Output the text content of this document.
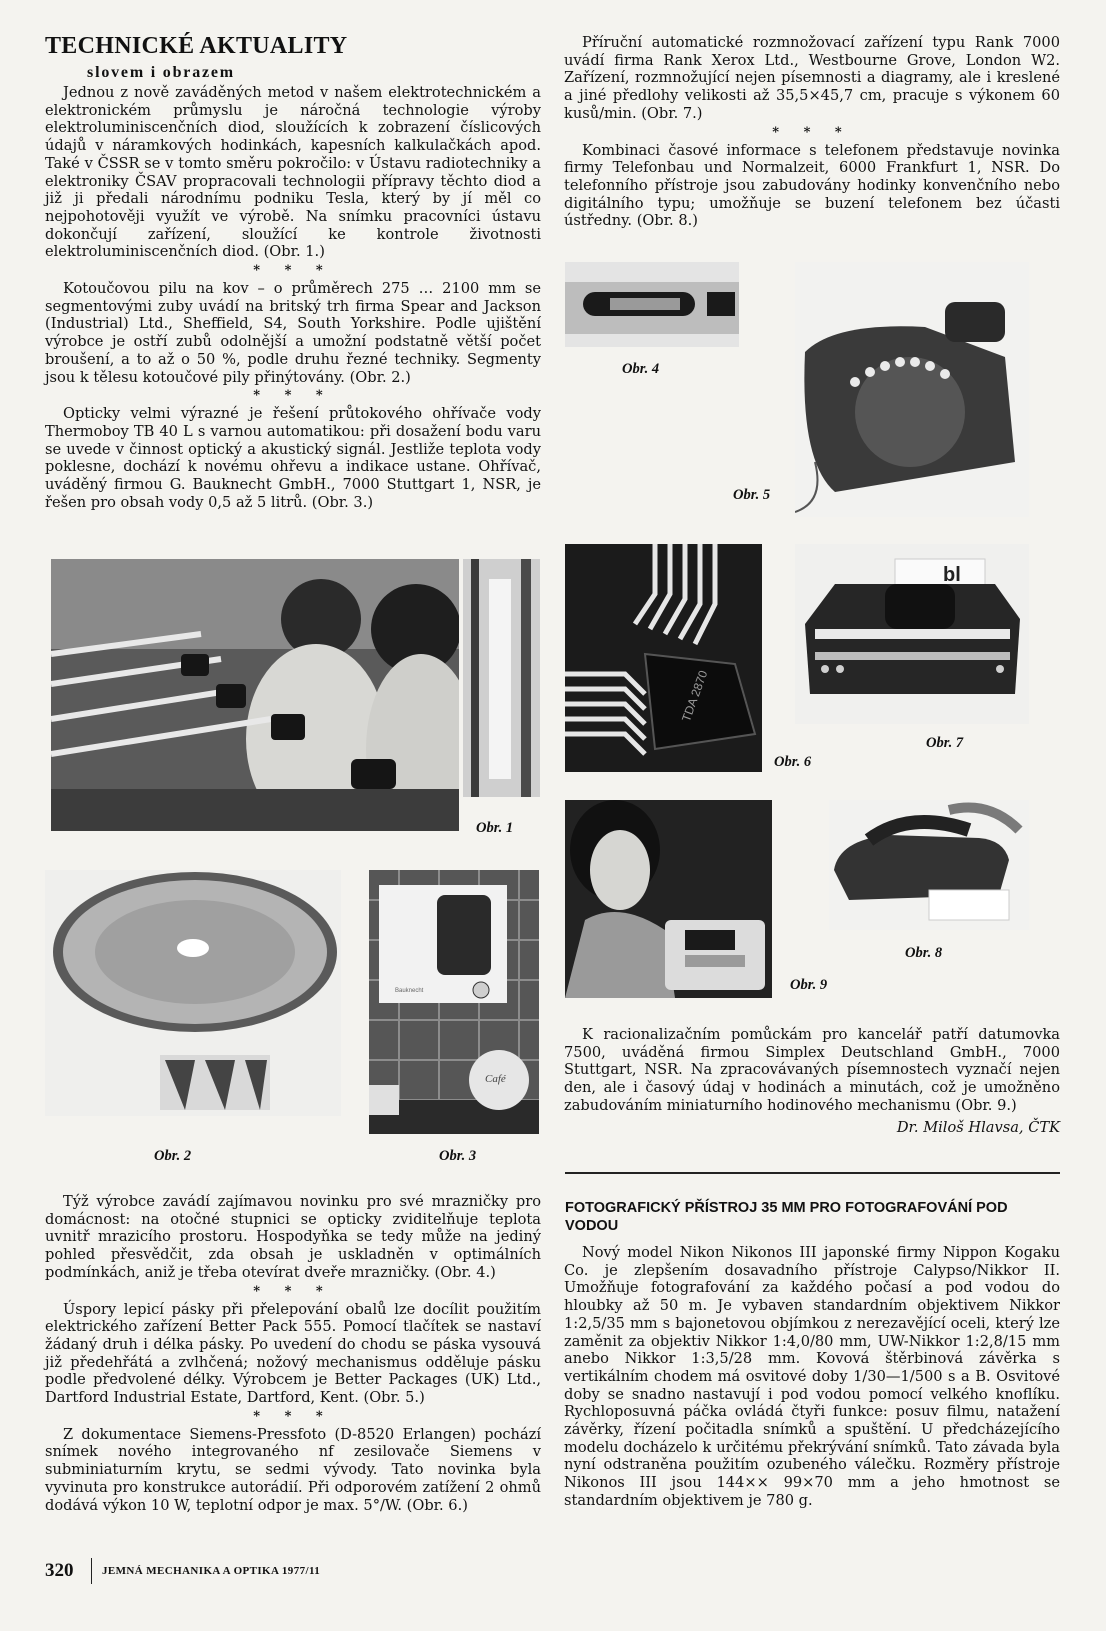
TECHNICKÉ AKTUALITY
slovem i obrazem

Jednou z nově zaváděných metod v našem elektrotechnickém a elektronickém průmyslu je náročná technologie výroby elektroluminiscenčních diod, sloužících k zobrazení číslicových údajů v náramkových hodinkách, kapesních kalkulačkách apod. Také v ČSSR se v tomto směru pokročilo: v Ústavu radiotechniky a elektroniky ČSAV propracovali technologii přípravy těchto diod a již ji předali národnímu podniku Tesla, který by jí měl co nejpohotověji využít ve výrobě. Na snímku pracovníci ústavu dokončují zařízení, sloužící ke kontrole životnosti elektroluminiscenčních diod. (Obr. 1.)

* * *

Kotoučovou pilu na kov – o průměrech 275 … 2100 mm se segmentovými zuby uvádí na britský trh firma Spear and Jackson (Industrial) Ltd., Sheffield, S4, South Yorkshire. Podle ujištění výrobce je ostří zubů odolnější a umožní podstatně větší počet broušení, a to až o 50 %, podle druhu řezné techniky. Segmenty jsou k tělesu kotoučové pily přinýtovány. (Obr. 2.)

* * *

Opticky velmi výrazné je řešení průtokového ohřívače vody Thermoboy TB 40 L s varnou automatikou: při dosažení bodu varu se uvede v činnost optický a akustický signál. Jestliže teplota vody poklesne, dochází k novému ohřevu a indikace ustane. Ohřívač, uváděný firmou G. Bauknecht GmbH., 7000 Stuttgart 1, NSR, je řešen pro obsah vody 0,5 až 5 litrů. (Obr. 3.)

Příruční automatické rozmnožovací zařízení typu Rank 7000 uvádí firma Rank Xerox Ltd., Westbourne Grove, London W2. Zařízení, rozmnožující nejen písemnosti a diagramy, ale i kreslené a jiné předlohy velikosti až 35,5×45,7 cm, pracuje s výkonem 60 kusů/min. (Obr. 7.)

* * *

Kombinaci časové informace s telefonem představuje novinka firmy Telefonbau und Normalzeit, 6000 Frankfurt 1, NSR. Do telefonního přístroje jsou zabudovány hodinky konvenčního nebo digitálního typu; umožňuje se buzení telefonem bez účasti ústředny. (Obr. 8.)

Obr. 1
Obr. 2
Bauknecht
Café
Obr. 3
Obr. 4
Obr. 5
TDA 2870
Obr. 6
bl
Obr. 7
Obr. 9
Obr. 8

K racionalizačním pomůckám pro kancelář patří datumovka 7500, uváděná firmou Simplex Deutschland GmbH., 7000 Stuttgart, NSR. Na zpracovávaných písemnostech vyznačí nejen den, ale i časový údaj v hodinách a minutách, což je umožněno zabudováním miniaturního hodinového mechanismu (Obr. 9.)

Dr. Miloš Hlavsa, ČTK

Týž výrobce zavádí zajímavou novinku pro své mrazničky pro domácnost: na otočné stupnici se opticky zviditelňuje teplota uvnitř mrazicího prostoru. Hospodyňka se tedy může na jediný pohled přesvědčit, zda obsah je uskladněn v optimálních podmínkách, aniž je třeba otevírat dveře mrazničky. (Obr. 4.)

* * *

Úspory lepicí pásky při přelepování obalů lze docílit použitím elektrického zařízení Better Pack 555. Pomocí tlačítek se nastaví žádaný druh i délka pásky. Po uvedení do chodu se páska vysouvá již předehřátá a zvlhčená; nožový mechanismus odděluje pásku podle předvolené délky. Výrobcem je Better Packages (UK) Ltd., Dartford Industrial Estate, Dartford, Kent. (Obr. 5.)

* * *

Z dokumentace Siemens-Pressfoto (D-8520 Erlangen) pochází snímek nového integrovaného nf zesilovače Siemens v subminiaturním krytu, se sedmi vývody. Tato novinka byla vyvinuta pro konstrukce autorádií. Při odporovém zatížení 2 ohmů dodává výkon 10 W, teplotní odpor je max. 5°/W. (Obr. 6.)

FOTOGRAFICKÝ PŘÍSTROJ 35 MM PRO FOTOGRAFOVÁNÍ POD VODOU

Nový model Nikon Nikonos III japonské firmy Nippon Kogaku Co. je zlepšením dosavadního přístroje Calypso/Nikkor II. Umožňuje fotografování za každého počasí a pod vodou do hloubky až 50 m. Je vybaven standardním objektivem Nikkor 1:2,5/35 mm s bajonetovou objímkou z nerezavějící oceli, který lze zaměnit za objektiv Nikkor 1:4,0/80 mm, UW-Nikkor 1:2,8/15 mm anebo Nikkor 1:3,5/28 mm. Kovová štěrbinová závěrka s vertikálním chodem má osvitové doby 1/30—1/500 s a B. Osvitové doby se snadno nastavují i pod vodou pomocí velkého knoflíku. Rychloposuvná páčka ovládá čtyři funkce: posuv filmu, natažení závěrky, řízení počitadla snímků a spuštění. U předcházejícího modelu docházelo k určitému překrývání snímků. Tato závada byla nyní odstraněna použitím ozubeného válečku. Rozměry přístroje Nikonos III jsou 144×× 99×70 mm a jeho hmotnost se standardním objektivem je 780 g.

320	JEMNÁ MECHANIKA A OPTIKA 1977/11
